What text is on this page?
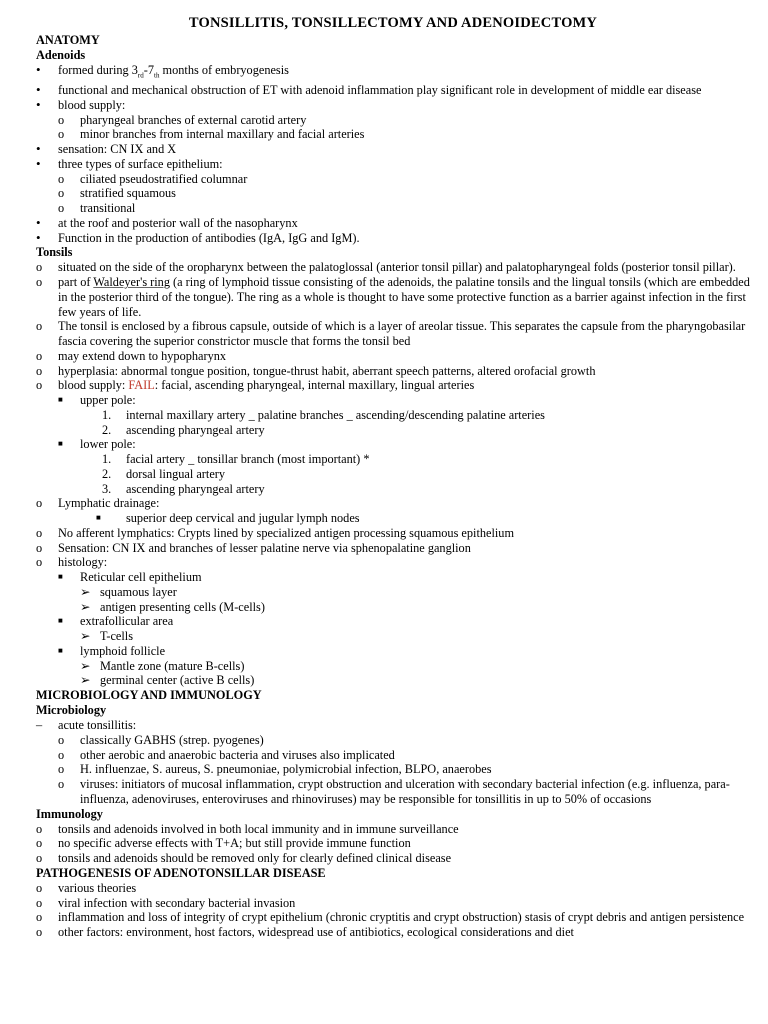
TONSILLITIS, TONSILLECTOMY AND ADENOIDECTOMY
ANATOMY
Adenoids
• formed during $3_{rd}-7_{th}$ months of embryogenesis
• functional and mechanical obstruction of ET with adenoid inflammation play significant role in development of middle ear disease
• blood supply:
o pharyngeal branches of external carotid artery
o minor branches from internal maxillary and facial arteries
• sensation: CN IX and X
• three types of surface epithelium:
o ciliated pseudostratified columnar
o stratified squamous
o transitional
• at the roof and posterior wall of the nasopharynx
• Function in the production of antibodies (IgA, IgG and IgM).
Tonsils
o situated on the side of the oropharynx between the palatoglossal (anterior tonsil pillar) and palatopharyngeal folds (posterior tonsil pillar).
o part of Waldeyer's ring (a ring of lymphoid tissue consisting of the adenoids, the palatine tonsils and the lingual tonsils (which are embedded in the posterior third of the tongue). The ring as a whole is thought to have some protective function as a barrier against infection in the first few years of life.
o The tonsil is enclosed by a fibrous capsule, outside of which is a layer of areolar tissue. This separates the capsule from the pharyngobasilar fascia covering the superior constrictor muscle that forms the tonsil bed
o may extend down to hypopharynx
o hyperplasia: abnormal tongue position, tongue-thrust habit, aberrant speech patterns, altered orofacial growth
o blood supply: FAIL: facial, ascending pharyngeal, internal maxillary, lingual arteries
■ upper pole:
1. internal maxillary artery _ palatine branches _ ascending/descending palatine arteries
2. ascending pharyngeal artery
■ lower pole:
1. facial artery _ tonsillar branch (most important) *
2. dorsal lingual artery
3. ascending pharyngeal artery
o Lymphatic drainage:
■ superior deep cervical and jugular lymph nodes
o No afferent lymphatics: Crypts lined by specialized antigen processing squamous epithelium
o Sensation: CN IX and branches of lesser palatine nerve via sphenopalatine ganglion
o histology:
■ Reticular cell epithelium
➢ squamous layer
➢ antigen presenting cells (M-cells)
■ extrafollicular area
➢ T-cells
■ lymphoid follicle
➢ Mantle zone (mature B-cells)
➢ germinal center (active B cells)
MICROBIOLOGY AND IMMUNOLOGY
Microbiology
– acute tonsillitis:
o classically GABHS (strep. pyogenes)
o other aerobic and anaerobic bacteria and viruses also implicated
o H. influenzae, S. aureus, S. pneumoniae, polymicrobial infection, BLPO, anaerobes
o viruses: initiators of mucosal inflammation, crypt obstruction and ulceration with secondary bacterial infection (e.g. influenza, para-influenza, adenoviruses, enteroviruses and rhinoviruses) may be responsible for tonsillitis in up to 50% of occasions
Immunology
o tonsils and adenoids involved in both local immunity and in immune surveillance
o no specific adverse effects with T+A; but still provide immune function
o tonsils and adenoids should be removed only for clearly defined clinical disease
PATHOGENESIS OF ADENOTONSILLAR DISEASE
o various theories
o viral infection with secondary bacterial invasion
o inflammation and loss of integrity of crypt epithelium (chronic cryptitis and crypt obstruction) stasis of crypt debris and antigen persistence
o other factors: environment, host factors, widespread use of antibiotics, ecological considerations and diet
